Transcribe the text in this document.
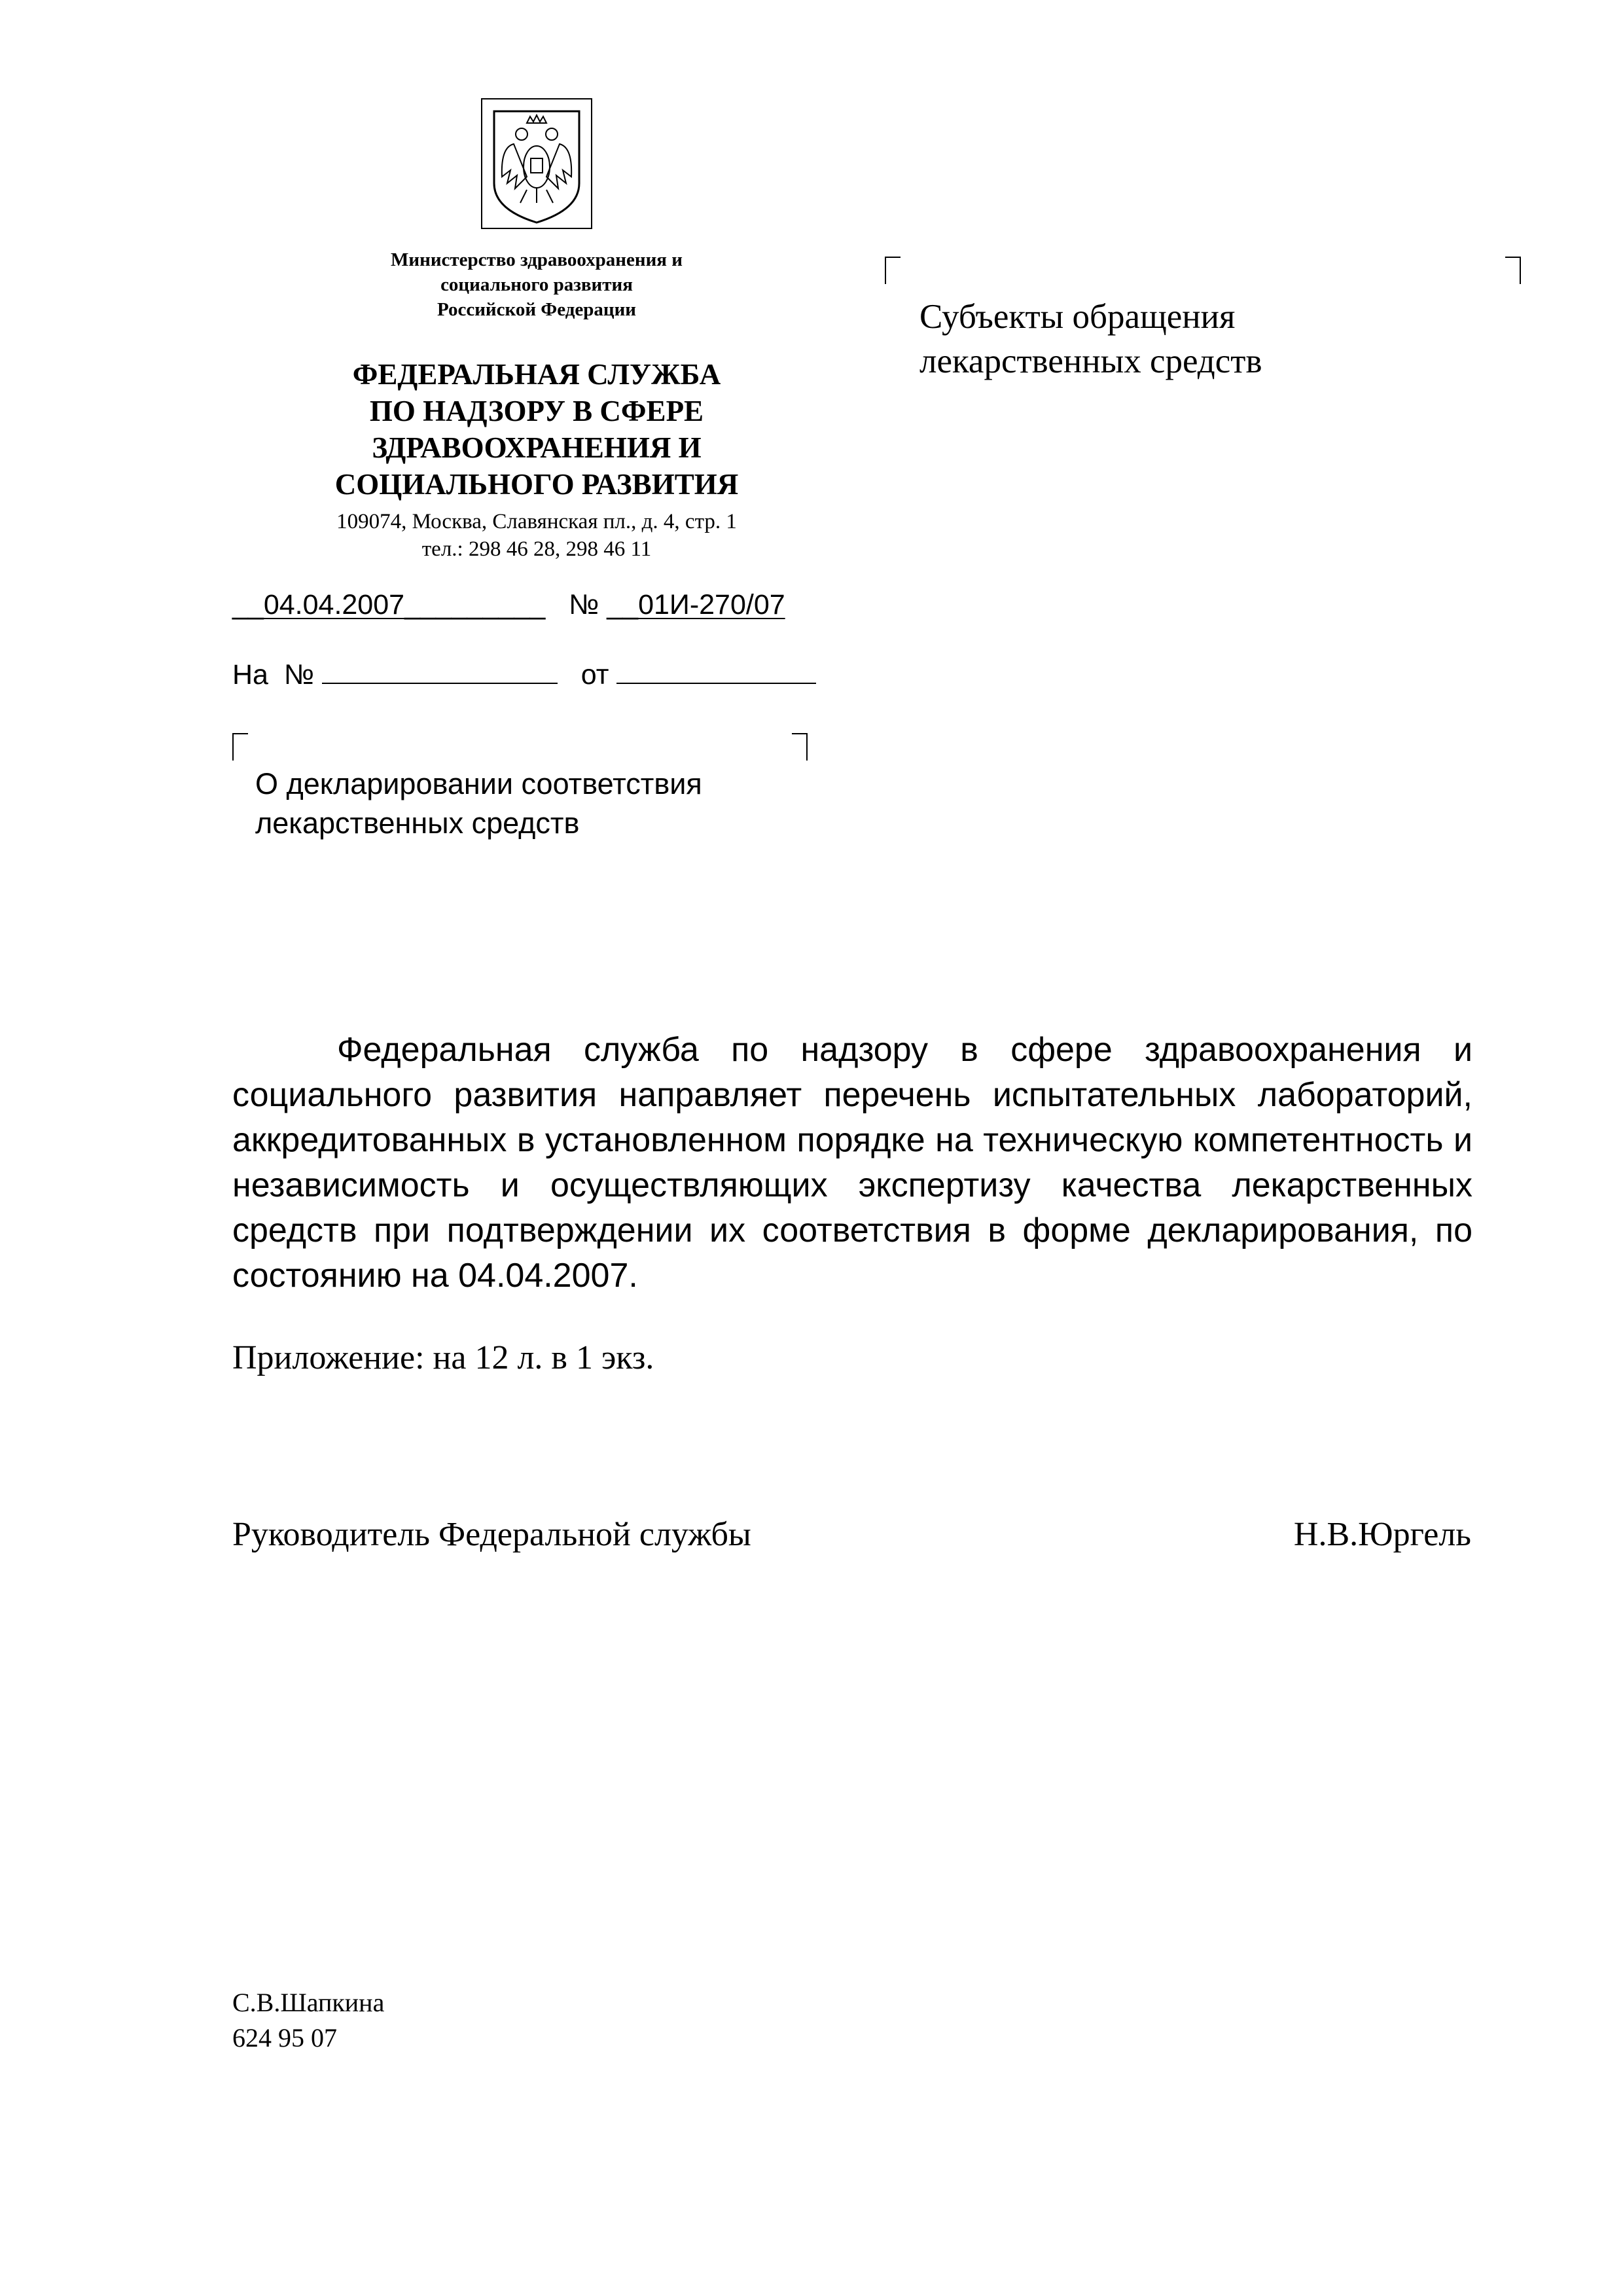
Министерство здравоохранения и
социального развития
Российской Федерации
ФЕДЕРАЛЬНАЯ СЛУЖБА
ПО НАДЗОРУ В СФЕРЕ
ЗДРАВООХРАНЕНИЯ И
СОЦИАЛЬНОГО РАЗВИТИЯ
109074, Москва, Славянская пл., д. 4, стр. 1
тел.: 298 46 28, 298 46 11
__04.04.2007_________ № __01И-270/07
На  №	от
Субъекты обращения
лекарственных средств
О декларировании соответствия
лекарственных средств
Федеральная служба по надзору в сфере здравоохранения и социального развития направляет перечень испытательных лабораторий, аккредитованных в установленном порядке на техническую компетентность и независимость и осуществляющих экспертизу качества лекарственных средств при подтверждении их соответствия в форме декларирования, по состоянию на 04.04.2007.
Приложение: на 12 л. в 1 экз.
Руководитель Федеральной службы	Н.В.Юргель
С.В.Шапкина
624 95 07
